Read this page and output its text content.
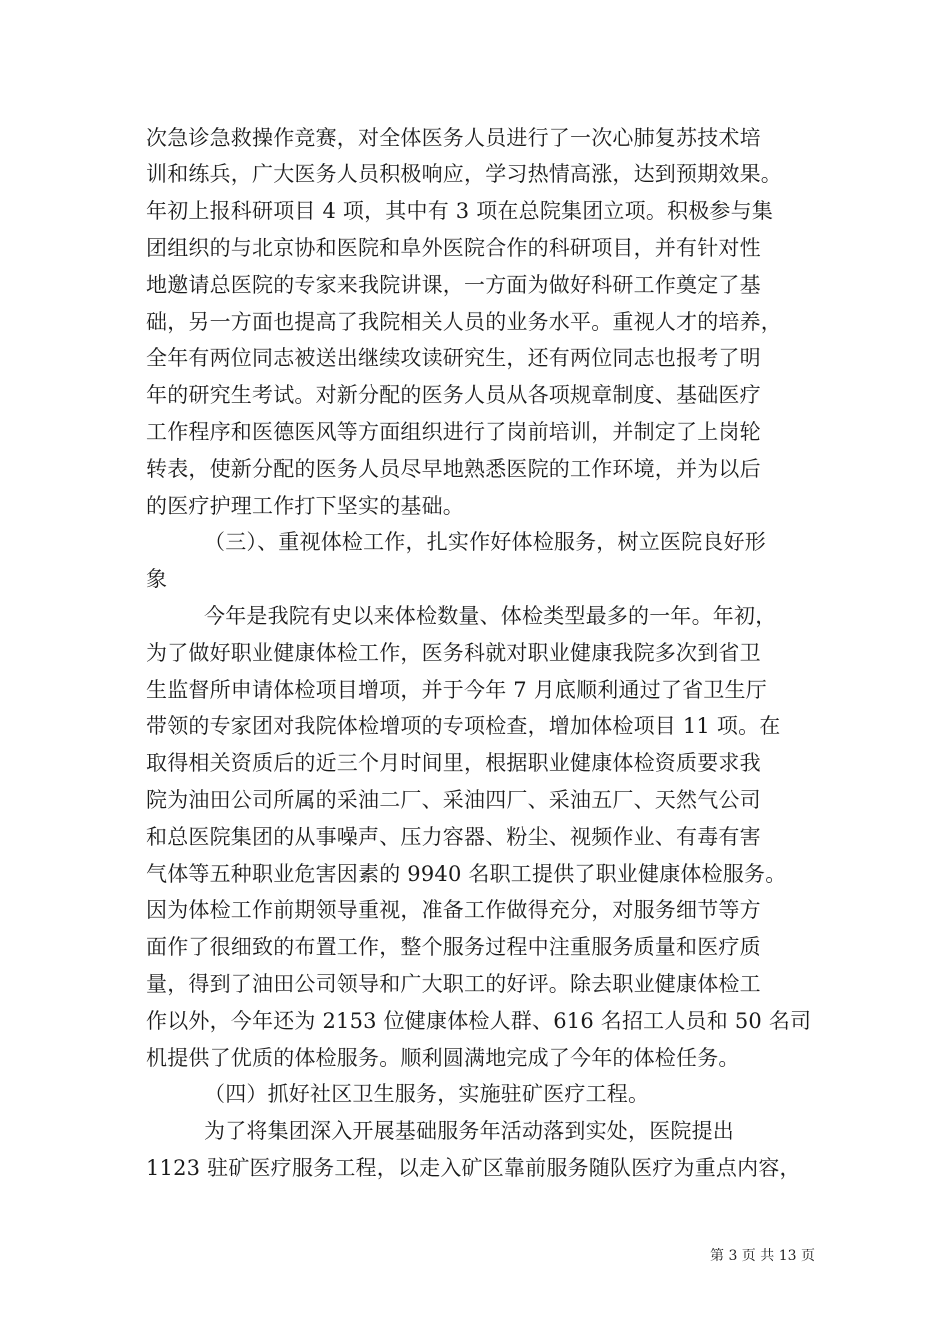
次急诊急救操作竞赛，对全体医务人员进行了一次心肺复苏技术培
训和练兵，广大医务人员积极响应，学习热情高涨，达到预期效果。
年初上报科研项目 4 项，其中有 3 项在总院集团立项。积极参与集
团组织的与北京协和医院和阜外医院合作的科研项目，并有针对性
地邀请总医院的专家来我院讲课，一方面为做好科研工作奠定了基
础，另一方面也提高了我院相关人员的业务水平。重视人才的培养，
全年有两位同志被送出继续攻读研究生，还有两位同志也报考了明
年的研究生考试。对新分配的医务人员从各项规章制度、基础医疗
工作程序和医德医风等方面组织进行了岗前培训，并制定了上岗轮
转表，使新分配的医务人员尽早地熟悉医院的工作环境，并为以后
的医疗护理工作打下坚实的基础。
（三）、重视体检工作，扎实作好体检服务，树立医院良好形
象
今年是我院有史以来体检数量、体检类型最多的一年。年初，
为了做好职业健康体检工作，医务科就对职业健康我院多次到省卫
生监督所申请体检项目增项，并于今年 7 月底顺利通过了省卫生厅
带领的专家团对我院体检增项的专项检查，增加体检项目 11 项。在
取得相关资质后的近三个月时间里，根据职业健康体检资质要求我
院为油田公司所属的采油二厂、采油四厂、采油五厂、天然气公司
和总医院集团的从事噪声、压力容器、粉尘、视频作业、有毒有害
气体等五种职业危害因素的 9940 名职工提供了职业健康体检服务。
因为体检工作前期领导重视，准备工作做得充分，对服务细节等方
面作了很细致的布置工作，整个服务过程中注重服务质量和医疗质
量，得到了油田公司领导和广大职工的好评。除去职业健康体检工
作以外，今年还为 2153 位健康体检人群、616 名招工人员和 50 名司
机提供了优质的体检服务。顺利圆满地完成了今年的体检任务。
（四）抓好社区卫生服务，实施驻矿医疗工程。
为了将集团深入开展基础服务年活动落到实处，医院提出
1123 驻矿医疗服务工程，以走入矿区靠前服务随队医疗为重点内容，
第 3 页 共 13 页
